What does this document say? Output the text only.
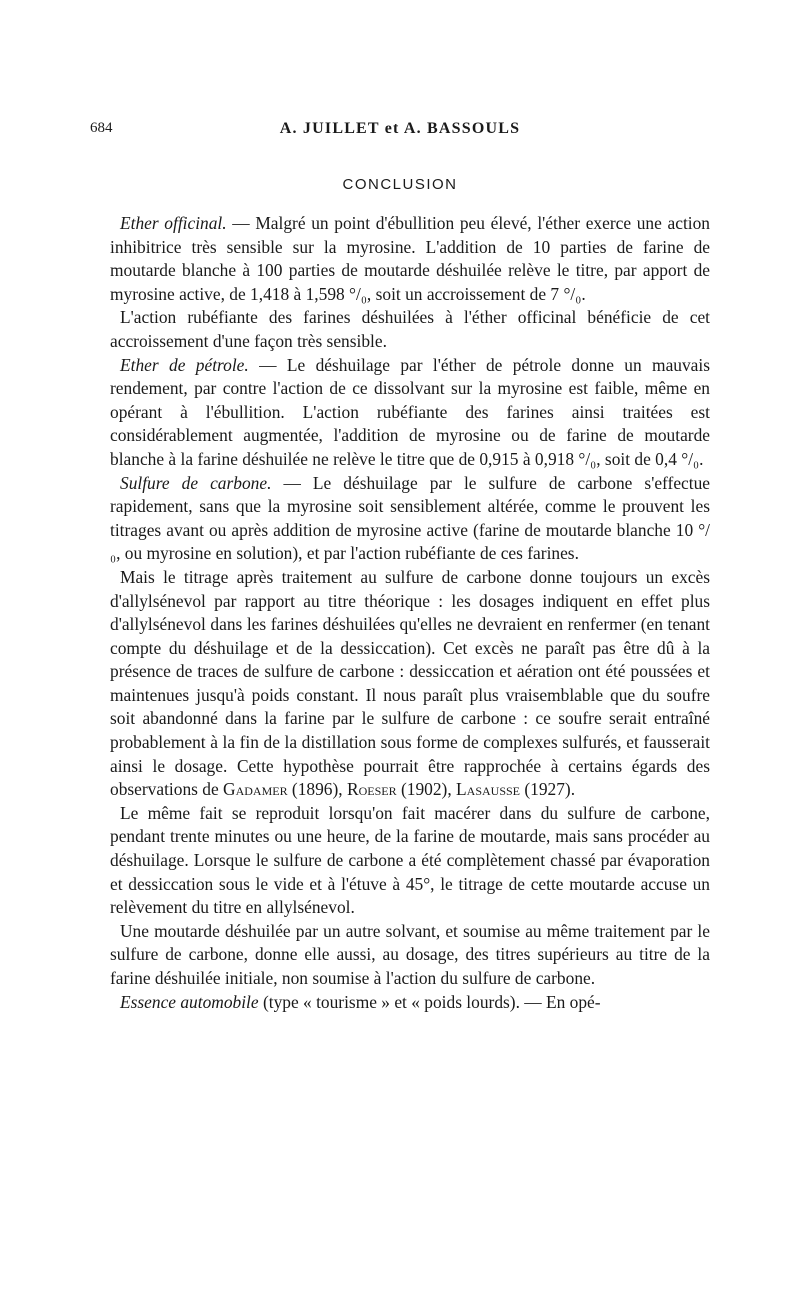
684	A. JUILLET et A. BASSOULS
CONCLUSION

Ether officinal. — Malgré un point d'ébullition peu élevé, l'éther exerce une action inhibitrice très sensible sur la myrosine. L'addition de 10 parties de farine de moutarde blanche à 100 parties de moutarde déshuilée relève le titre, par apport de myrosine active, de 1,418 à 1,598 °/₀, soit un accroissement de 7 °/₀.

L'action rubéfiante des farines déshuilées à l'éther officinal bénéficie de cet accroissement d'une façon très sensible.

Ether de pétrole. — Le déshuilage par l'éther de pétrole donne un mauvais rendement, par contre l'action de ce dissolvant sur la myrosine est faible, même en opérant à l'ébullition. L'action rubéfiante des farines ainsi traitées est considérablement augmentée, l'addition de myrosine ou de farine de moutarde blanche à la farine déshuilée ne relève le titre que de 0,915 à 0,918 °/₀, soit de 0,4 °/₀.

Sulfure de carbone. — Le déshuilage par le sulfure de carbone s'effectue rapidement, sans que la myrosine soit sensiblement altérée, comme le prouvent les titrages avant ou après addition de myrosine active (farine de moutarde blanche 10 °/₀, ou myrosine en solution), et par l'action rubéfiante de ces farines.

Mais le titrage après traitement au sulfure de carbone donne toujours un excès d'allylsénevol par rapport au titre théorique : les dosages indiquent en effet plus d'allylsénevol dans les farines déshuilées qu'elles ne devraient en renfermer (en tenant compte du déshuilage et de la dessiccation). Cet excès ne paraît pas être dû à la présence de traces de sulfure de carbone : dessiccation et aération ont été poussées et maintenues jusqu'à poids constant. Il nous paraît plus vraisemblable que du soufre soit abandonné dans la farine par le sulfure de carbone : ce soufre serait entraîné probablement à la fin de la distillation sous forme de complexes sulfurés, et fausserait ainsi le dosage. Cette hypothèse pourrait être rapprochée à certains égards des observations de Gadamer (1896), Roeser (1902), Lasausse (1927).

Le même fait se reproduit lorsqu'on fait macérer dans du sulfure de carbone, pendant trente minutes ou une heure, de la farine de moutarde, mais sans procéder au déshuilage. Lorsque le sulfure de carbone a été complètement chassé par évaporation et dessiccation sous le vide et à l'étuve à 45°, le titrage de cette moutarde accuse un relèvement du titre en allylsénevol.

Une moutarde déshuilée par un autre solvant, et soumise au même traitement par le sulfure de carbone, donne elle aussi, au dosage, des titres supérieurs au titre de la farine déshuilée initiale, non soumise à l'action du sulfure de carbone.

Essence automobile (type « tourisme » et « poids lourds). — En opé-
